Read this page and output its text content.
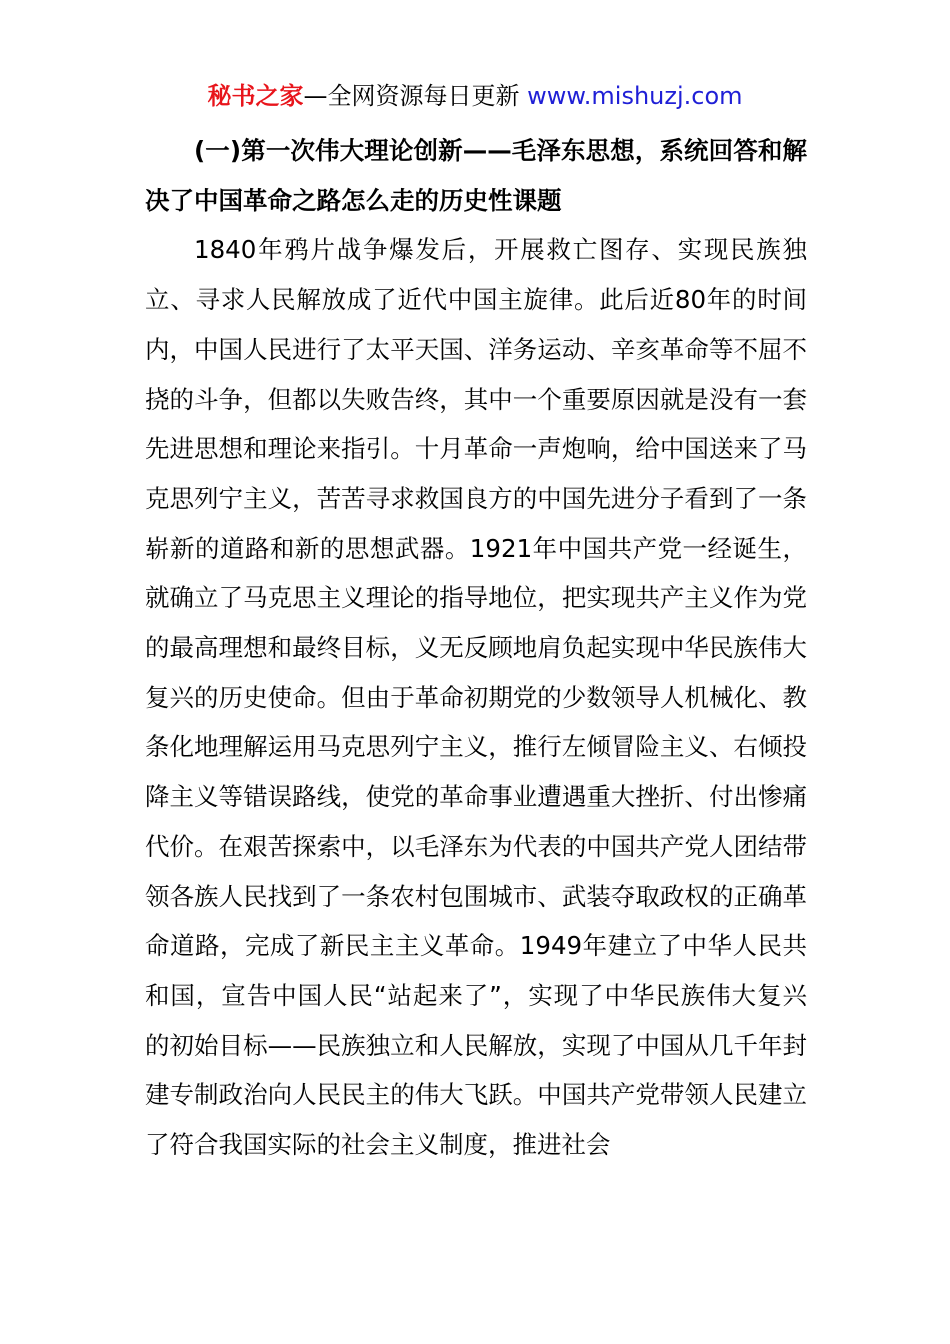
秘书之家—全网资源每日更新 www.mishuzj.com

(一)第一次伟大理论创新——毛泽东思想，系统回答和解决了中国革命之路怎么走的历史性课题

1840年鸦片战争爆发后，开展救亡图存、实现民族独立、寻求人民解放成了近代中国主旋律。此后近80年的时间内，中国人民进行了太平天国、洋务运动、辛亥革命等不屈不挠的斗争，但都以失败告终，其中一个重要原因就是没有一套先进思想和理论来指引。十月革命一声炮响，给中国送来了马克思列宁主义，苦苦寻求救国良方的中国先进分子看到了一条崭新的道路和新的思想武器。1921年中国共产党一经诞生，就确立了马克思主义理论的指导地位，把实现共产主义作为党的最高理想和最终目标，义无反顾地肩负起实现中华民族伟大复兴的历史使命。但由于革命初期党的少数领导人机械化、教条化地理解运用马克思列宁主义，推行左倾冒险主义、右倾投降主义等错误路线，使党的革命事业遭遇重大挫折、付出惨痛代价。在艰苦探索中，以毛泽东为代表的中国共产党人团结带领各族人民找到了一条农村包围城市、武装夺取政权的正确革命道路，完成了新民主主义革命。1949年建立了中华人民共和国，宣告中国人民“站起来了”，实现了中华民族伟大复兴的初始目标——民族独立和人民解放，实现了中国从几千年封建专制政治向人民民主的伟大飞跃。中国共产党带领人民建立了符合我国实际的社会主义制度，推进社会
